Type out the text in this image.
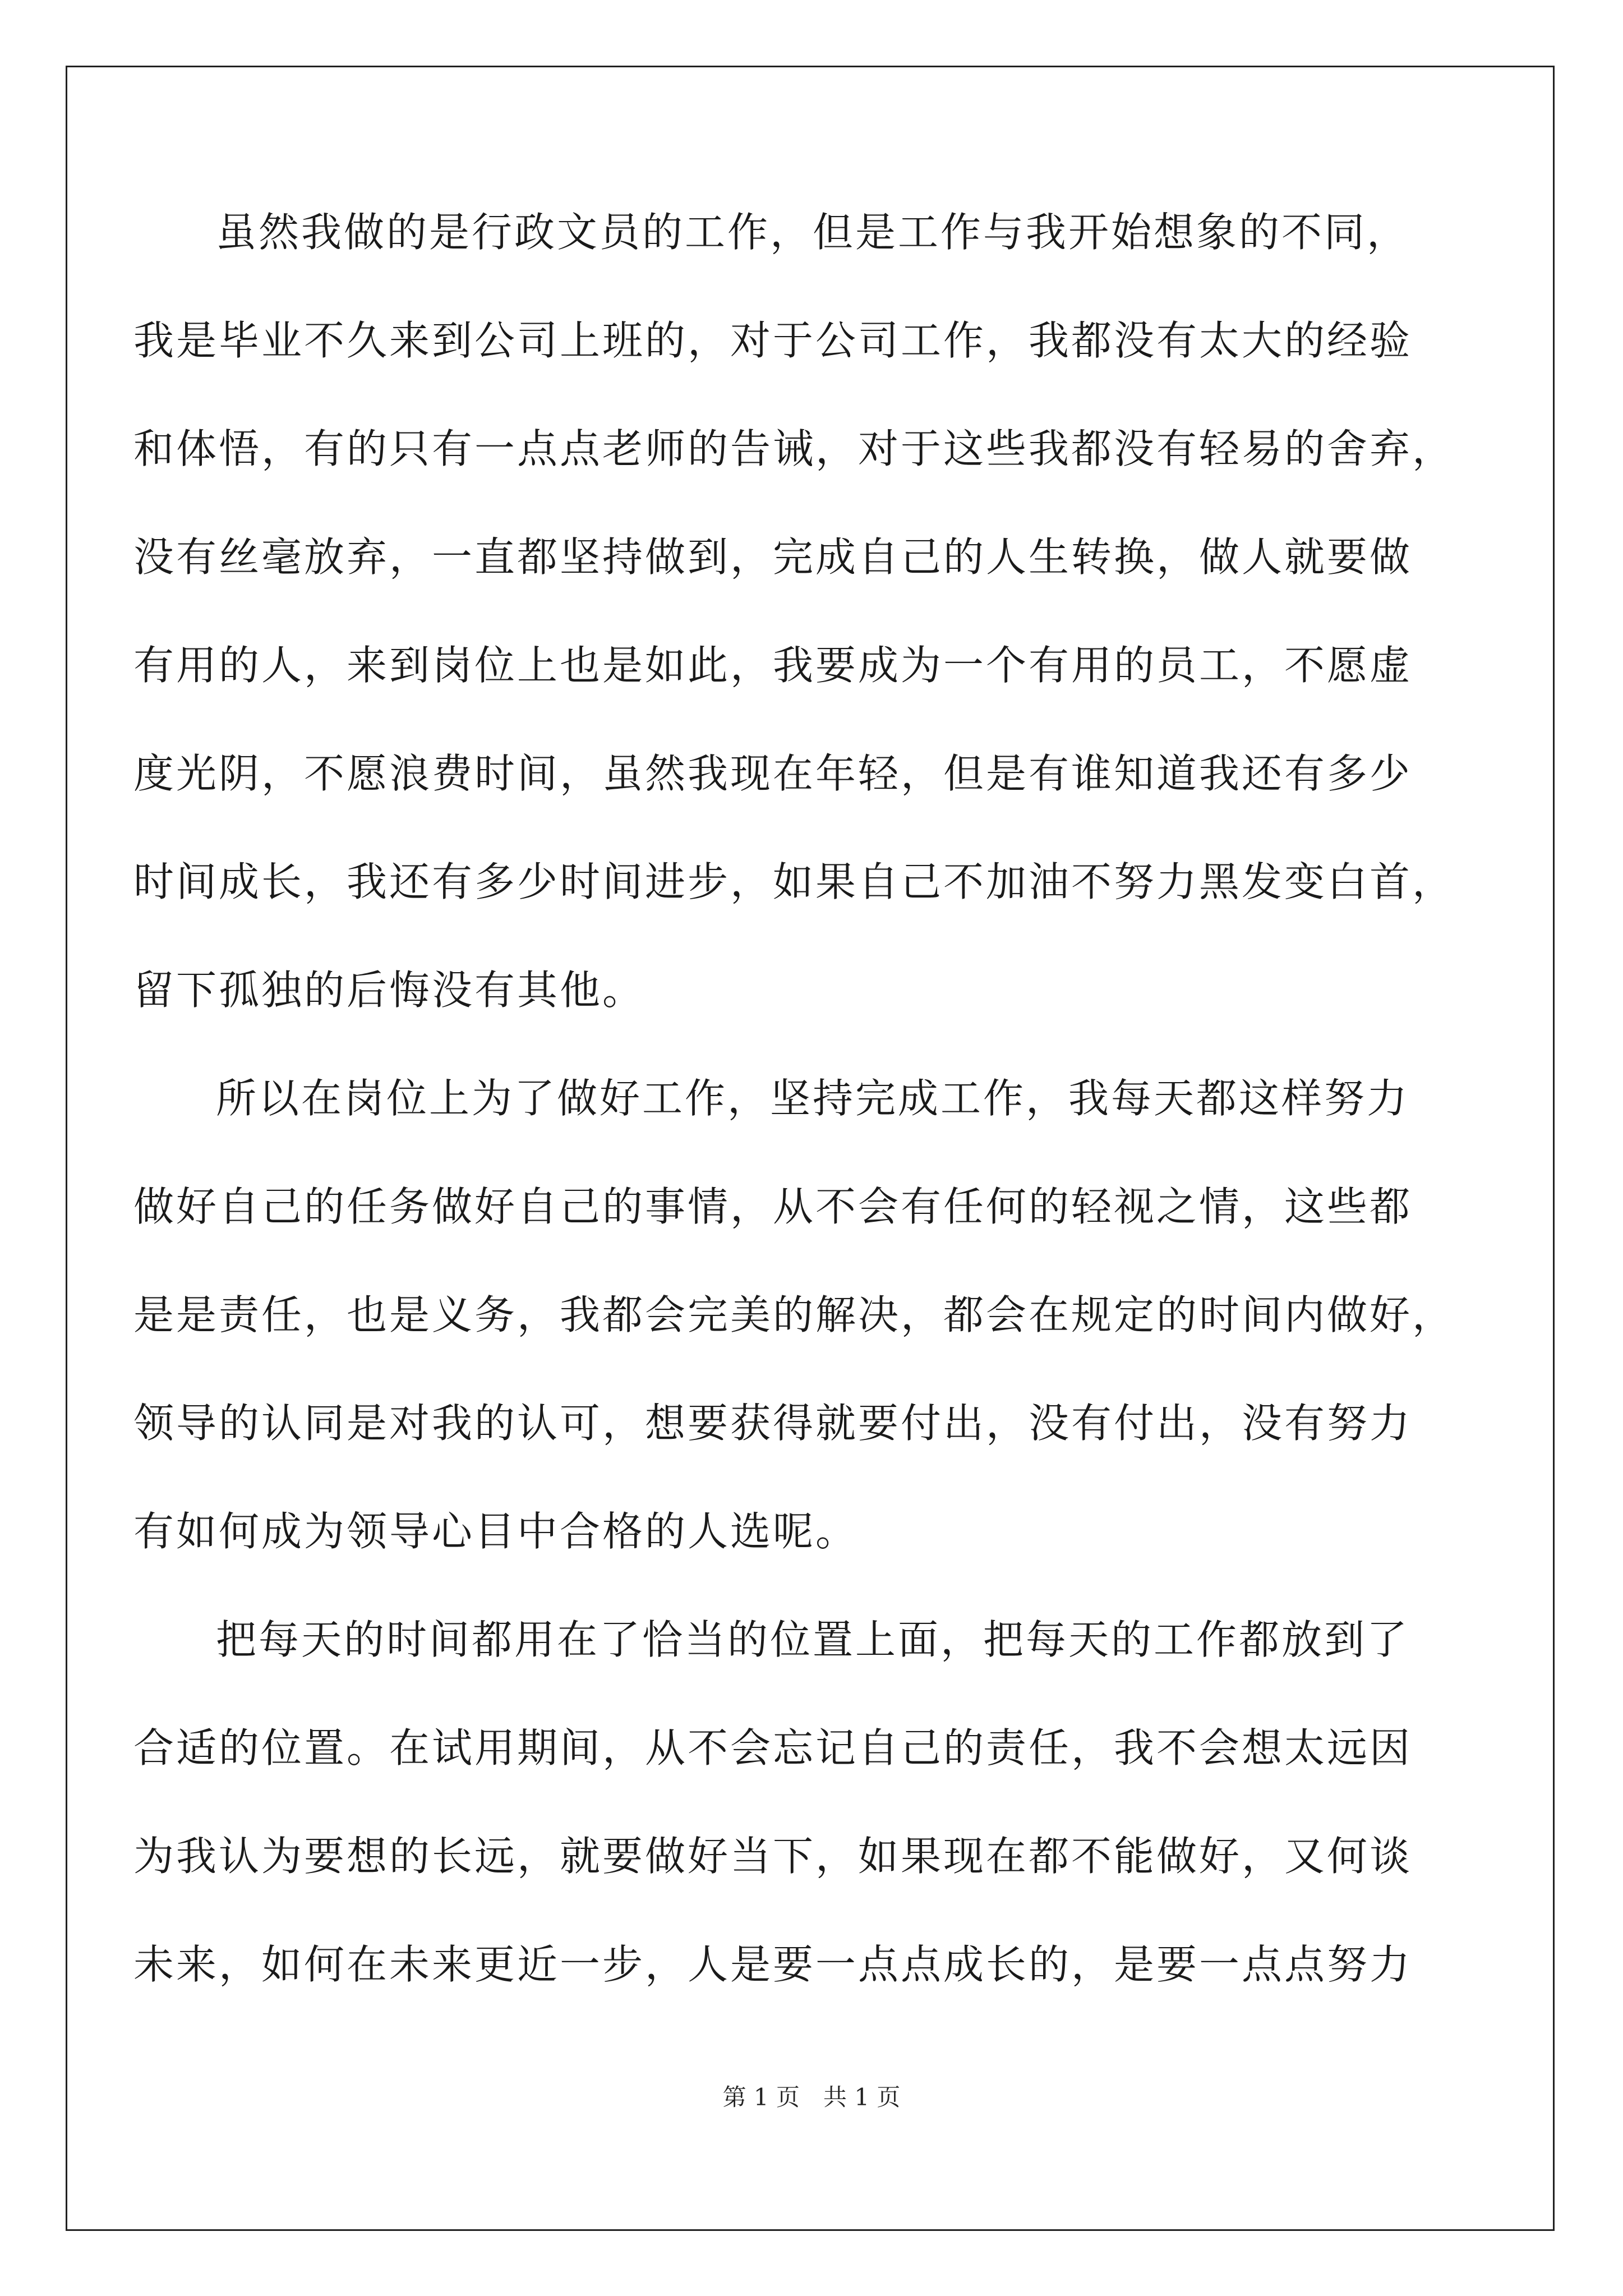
虽然我做的是行政文员的工作，但是工作与我开始想象的不同，
我是毕业不久来到公司上班的，对于公司工作，我都没有太大的经验
和体悟，有的只有一点点老师的告诫，对于这些我都没有轻易的舍弃，
没有丝毫放弃，一直都坚持做到，完成自己的人生转换，做人就要做
有用的人，来到岗位上也是如此，我要成为一个有用的员工，不愿虚
度光阴，不愿浪费时间，虽然我现在年轻，但是有谁知道我还有多少
时间成长，我还有多少时间进步，如果自己不加油不努力黑发变白首，
留下孤独的后悔没有其他。
所以在岗位上为了做好工作，坚持完成工作，我每天都这样努力
做好自己的任务做好自己的事情，从不会有任何的轻视之情，这些都
是是责任，也是义务，我都会完美的解决，都会在规定的时间内做好，
领导的认同是对我的认可，想要获得就要付出，没有付出，没有努力
有如何成为领导心目中合格的人选呢。
把每天的时间都用在了恰当的位置上面，把每天的工作都放到了
合适的位置。在试用期间，从不会忘记自己的责任，我不会想太远因
为我认为要想的长远，就要做好当下，如果现在都不能做好，又何谈
未来，如何在未来更近一步，人是要一点点成长的，是要一点点努力
第 1 页　共 1 页
